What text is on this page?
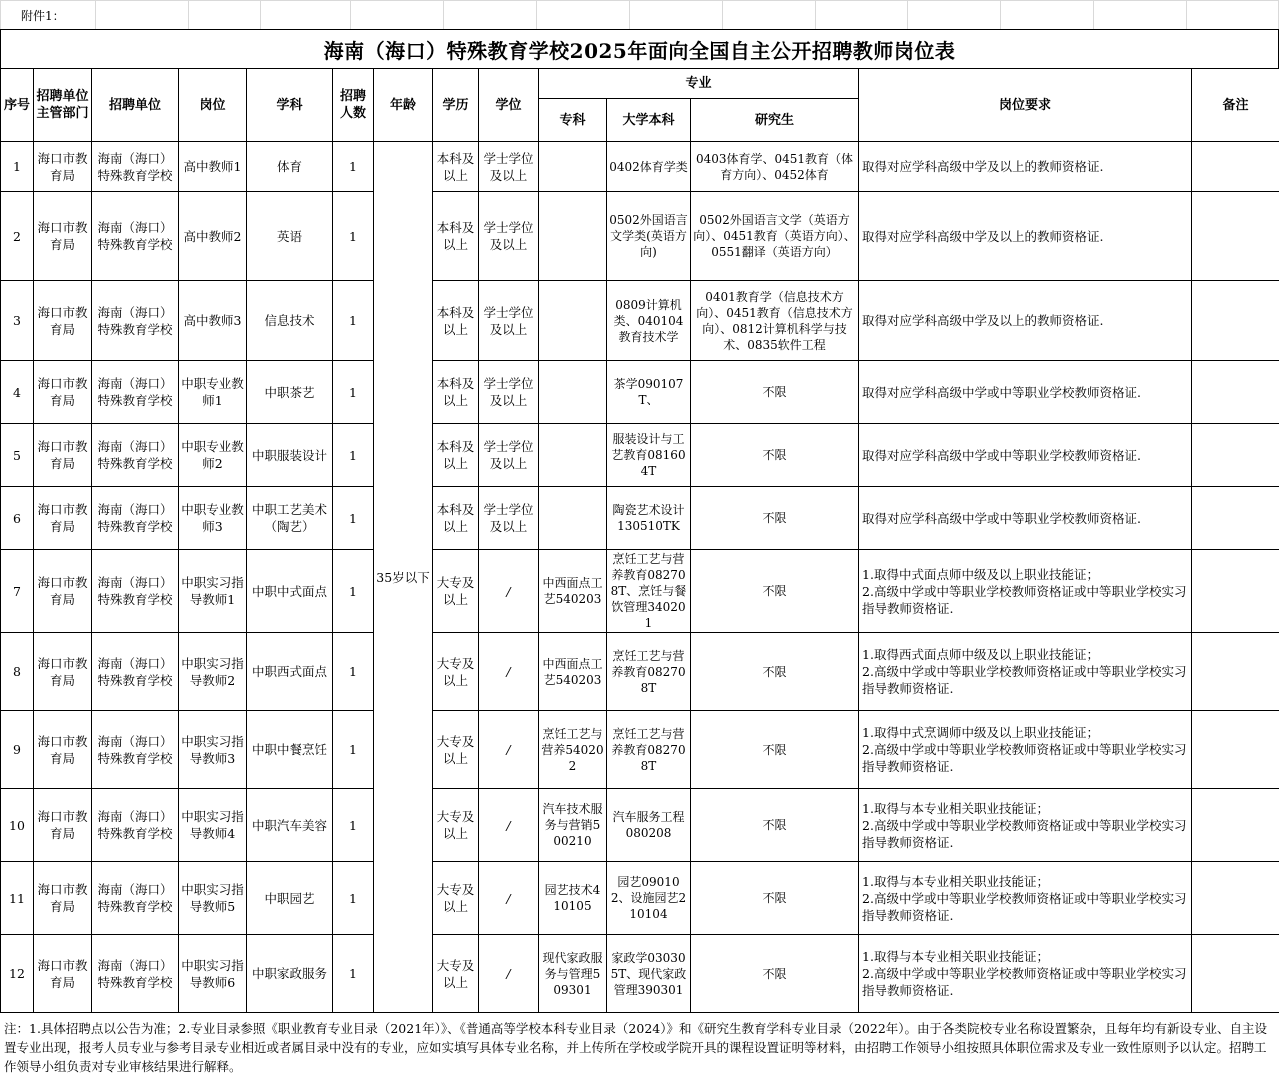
附件1：													
海南（海口）特殊教育学校2025年面向全国自主公开招聘教师岗位表
序号	招聘单位主管部门	招聘单位	岗位	学科	招聘人数	年龄	学历	学位	专业			岗位要求	备注
									专科	大学本科	研究生		
1	海口市教育局	海南（海口）特殊教育学校	高中教师1	体育	1	35岁以下	本科及以上	学士学位及以上		0402体育学类	0403体育学、0451教育（体育方向）、0452体育	取得对应学科高级中学及以上的教师资格证.	
2	海口市教育局	海南（海口）特殊教育学校	高中教师2	英语	1		本科及以上	学士学位及以上		0502外国语言文学类(英语方向)	0502外国语言文学（英语方向）、0451教育（英语方向）、0551翻译（英语方向）	取得对应学科高级中学及以上的教师资格证.	
3	海口市教育局	海南（海口）特殊教育学校	高中教师3	信息技术	1		本科及以上	学士学位及以上		0809计算机类、040104教育技术学	0401教育学（信息技术方向）、0451教育（信息技术方向）、0812计算机科学与技术、0835软件工程	取得对应学科高级中学及以上的教师资格证.	
4	海口市教育局	海南（海口）特殊教育学校	中职专业教师1	中职茶艺	1		本科及以上	学士学位及以上		茶学090107T、	不限	取得对应学科高级中学或中等职业学校教师资格证.	
5	海口市教育局	海南（海口）特殊教育学校	中职专业教师2	中职服装设计	1		本科及以上	学士学位及以上		服装设计与工艺教育081604T	不限	取得对应学科高级中学或中等职业学校教师资格证.	
6	海口市教育局	海南（海口）特殊教育学校	中职专业教师3	中职工艺美术（陶艺）	1		本科及以上	学士学位及以上		陶瓷艺术设计130510TK	不限	取得对应学科高级中学或中等职业学校教师资格证.	
7	海口市教育局	海南（海口）特殊教育学校	中职实习指导教师1	中职中式面点	1		大专及以上	/	中西面点工艺540203	烹饪工艺与营养教育082708T、烹饪与餐饮管理340201	不限	1.取得中式面点师中级及以上职业技能证；
2.高级中学或中等职业学校教师资格证或中等职业学校实习指导教师资格证.	

8	海口市教育局	海南（海口）特殊教育学校	中职实习指导教师2	中职西式面点	1		大专及以上	/	中西面点工艺540203	烹饪工艺与营养教育082708T	不限	1.取得西式面点师中级及以上职业技能证；
2.高级中学或中等职业学校教师资格证或中等职业学校实习指导教师资格证.	

9	海口市教育局	海南（海口）特殊教育学校	中职实习指导教师3	中职中餐烹饪	1		大专及以上	/	烹饪工艺与营养540202	烹饪工艺与营养教育082708T	不限	1.取得中式烹调师中级及以上职业技能证；
2.高级中学或中等职业学校教师资格证或中等职业学校实习指导教师资格证.	

10	海口市教育局	海南（海口）特殊教育学校	中职实习指导教师4	中职汽车美容	1		大专及以上	/	汽车技术服务与营销500210	汽车服务工程080208	不限	1.取得与本专业相关职业技能证；
2.高级中学或中等职业学校教师资格证或中等职业学校实习指导教师资格证.	

11	海口市教育局	海南（海口）特殊教育学校	中职实习指导教师5	中职园艺	1		大专及以上	/	园艺技术410105	园艺090102、设施园艺210104	不限	1.取得与本专业相关职业技能证；
2.高级中学或中等职业学校教师资格证或中等职业学校实习指导教师资格证.	

12	海口市教育局	海南（海口）特殊教育学校	中职实习指导教师6	中职家政服务	1		大专及以上	/	现代家政服务与管理509301	家政学030305T、现代家政管理390301	不限	1.取得与本专业相关职业技能证；
2.高级中学或中等职业学校教师资格证或中等职业学校实习指导教师资格证.	

注：1.具体招聘点以公告为准；2.专业目录参照《职业教育专业目录（2021年）》、《普通高等学校本科专业目录（2024）》和《研究生教育学科专业目录（2022年）。由于各类院校专业名称设置繁杂，且每年均有新设专业、自主设置专业出现，报考人员专业与参考目录专业相近或者属目录中没有的专业，应如实填写具体专业名称，并上传所在学校或学院开具的课程设置证明等材料，由招聘工作领导小组按照具体职位需求及专业一致性原则予以认定。招聘工作领导小组负责对专业审核结果进行解释。
